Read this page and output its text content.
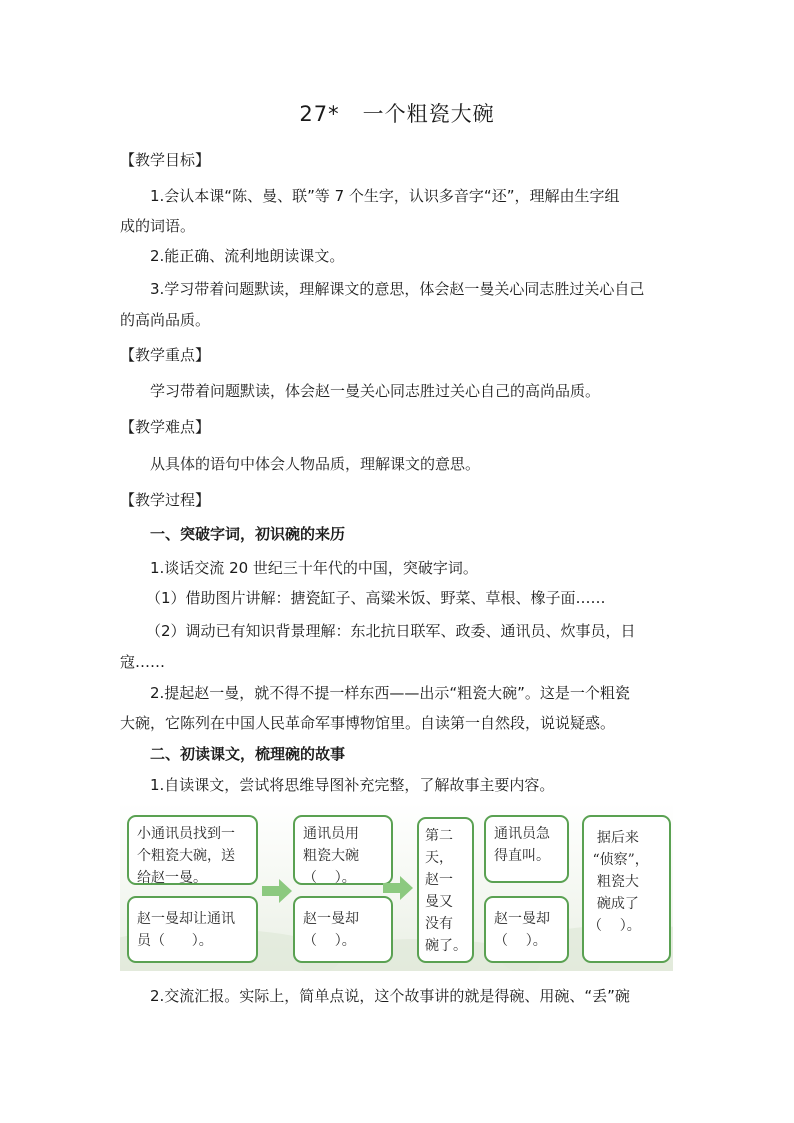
27*   一个粗瓷大碗
【教学目标】
1.会认本课“陈、曼、联”等 7 个生字，认识多音字“还”，理解由生字组
成的词语。
2.能正确、流利地朗读课文。
3.学习带着问题默读，理解课文的意思，体会赵一曼关心同志胜过关心自己
的高尚品质。
【教学重点】
学习带着问题默读，体会赵一曼关心同志胜过关心自己的高尚品质。
【教学难点】
从具体的语句中体会人物品质，理解课文的意思。
【教学过程】
一、突破字词，初识碗的来历
1.谈话交流 20 世纪三十年代的中国，突破字词。
（1）借助图片讲解：搪瓷缸子、高粱米饭、野菜、草根、橡子面……
（2）调动已有知识背景理解：东北抗日联军、政委、通讯员、炊事员，日
寇……
2.提起赵一曼，就不得不提一样东西——出示“粗瓷大碗”。这是一个粗瓷
大碗，它陈列在中国人民革命军事博物馆里。自读第一自然段，说说疑惑。
二、初读课文，梳理碗的故事
1.自读课文，尝试将思维导图补充完整，了解故事主要内容。
小通讯员找到一
个粗瓷大碗，送
给赵一曼。
赵一曼却让通讯
员（      ）。
通讯员用
粗瓷大碗
（    ）。
赵一曼却
（    ）。
第二
天，
赵一
曼又
没有
碗了。
通讯员急
得直叫。
赵一曼却
（    ）。
据后来
“侦察”，
粗瓷大
碗成了
（    ）。
2.交流汇报。实际上，简单点说，这个故事讲的就是得碗、用碗、“丢”碗
